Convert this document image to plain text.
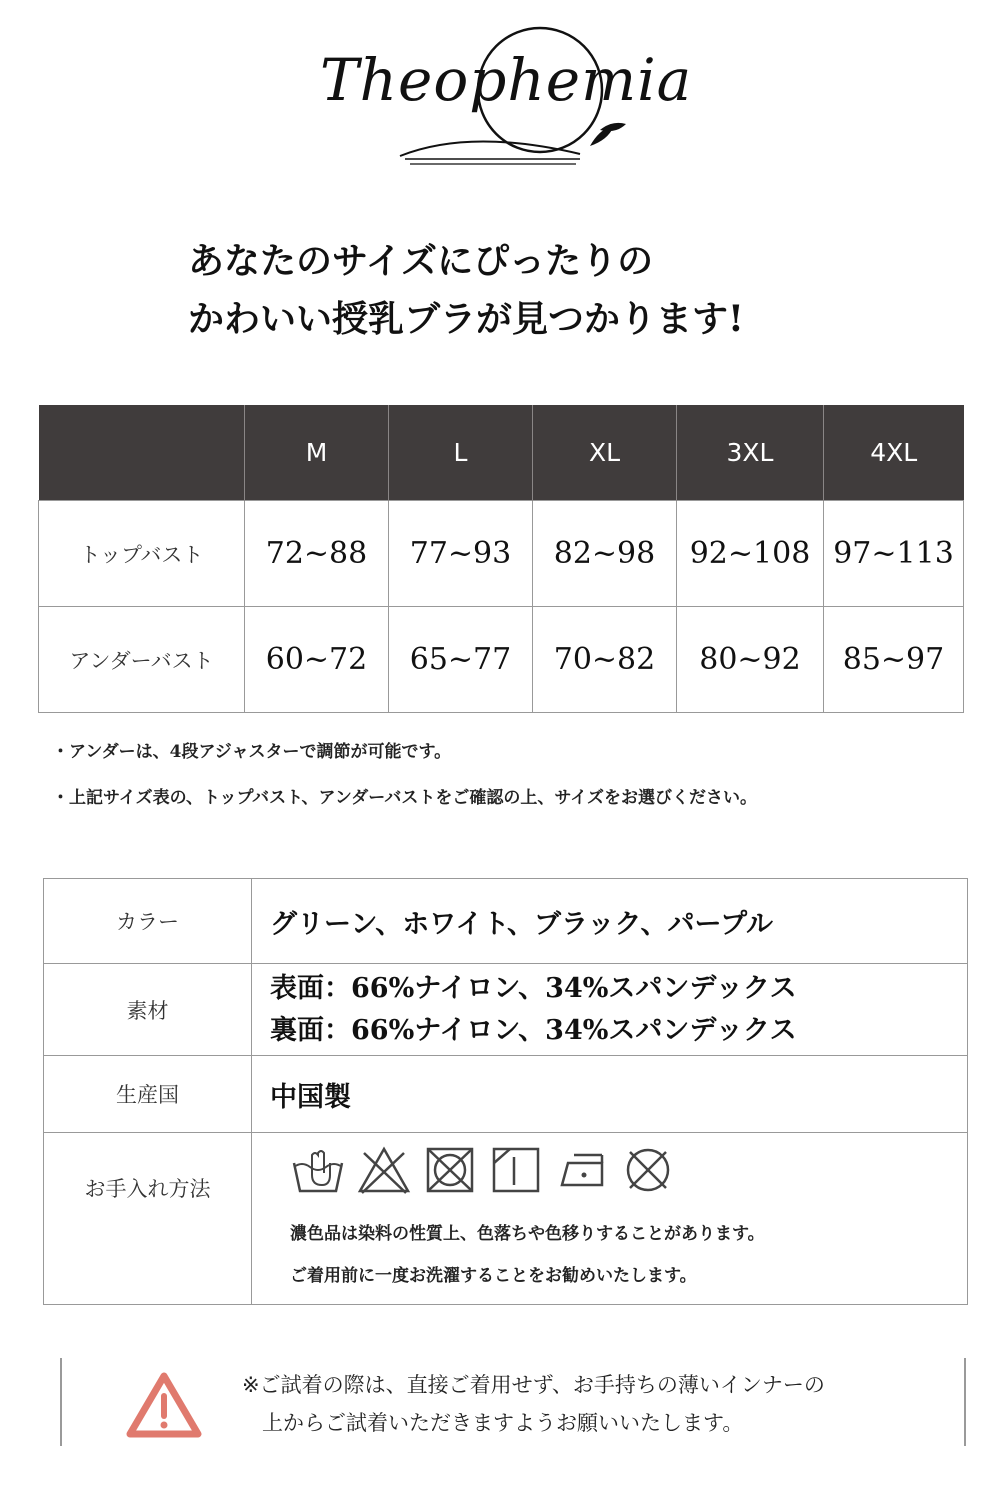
Theophemia
あなたのサイズにぴったりの
かわいい授乳ブラが見つかります!
	M	L	XL	3XL	4XL
トップバスト	72~88	77~93	82~98	92~108	97~113
アンダーバスト	60~72	65~77	70~82	80~92	85~97
・アンダーは、4段アジャスターで調節が可能です。
・上記サイズ表の、トップバスト、アンダーバストをご確認の上、サイズをお選びください。
カラー	グリーン、ホワイト、ブラック、パープル
素材	表面：66%ナイロン、34%スパンデックス
裏面：66%ナイロン、34%スパンデックス

生産国	中国製
お手入れ方法	濃色品は染料の性質上、色落ちや色移りすることがあります。
ご着用前に一度お洗濯することをお勧めいたします。
※ご試着の際は、直接ご着用せず、お手持ちの薄いインナーの
上からご試着いただきますようお願いいたします。
